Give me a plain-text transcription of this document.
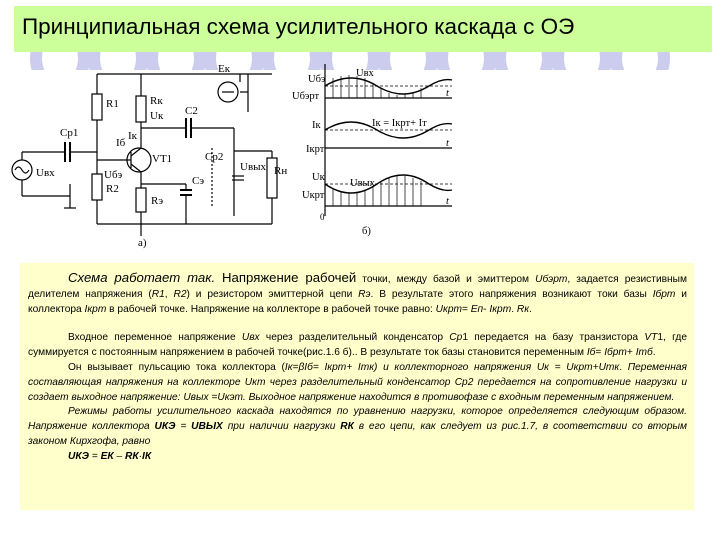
Принципиальная схема усилительного каскада с ОЭ
R1	Rк
Uк C2
Eк
Cр1
Iб
VT1
Uбэ
Iк
R2
Rэ
Cэ
Cр2
Rн
Uвх	Uвых
а)
Uбэ
Uбэрт
Uвх
t
Iк
Iкрт
Iк = Iкрт+ Iт
t
Uк
Uкрт
Uвых
t
0
б)

Схема работает так. Напряжение рабочей точки, между базой и эмиттером Uбэрт, задается резистивным делителем напряжения (R1, R2) и резистором эмиттерной цепи Rэ. В результате этого напряжения возникают токи базы Iбрт и коллектора Iкрт в рабочей точке. Напряжение на коллекторе в рабочей точке равно: Uкрт= Eп- Iкрт. Rк.

Входное переменное напряжение Uвх через разделительный конденсатор Ср1 передается на базу транзистора VT1, где суммируется с постоянным напряжением в рабочей точке(рис.1.6 б).. В результате ток базы становится переменным Iб= Iбрт+ Imб.

Он вызывает пульсацию тока коллектора (Iк=βIб= Iкрт+ Imк) и коллекторного напряжения Uк = Uкрт+Umк. Переменная составляющая напряжения на коллекторе Uкт через разделительный конденсатор Ср2 передается на сопротивление нагрузки и создает выходное напряжение: Uвых =Uкэт. Выходное напряжение находится в противофазе с входным переменным напряжением.

Режимы работы усилительного каскада находятся по уравнению нагрузки, которое определяется следующим образом. Напряжение коллектора UКЭ = UВЫХ при наличии нагрузки RК в его цепи, как следует из рис.1.7, в соответствии со вторым законом Кирхгофа, равно

UКЭ = EК – RК·IК
